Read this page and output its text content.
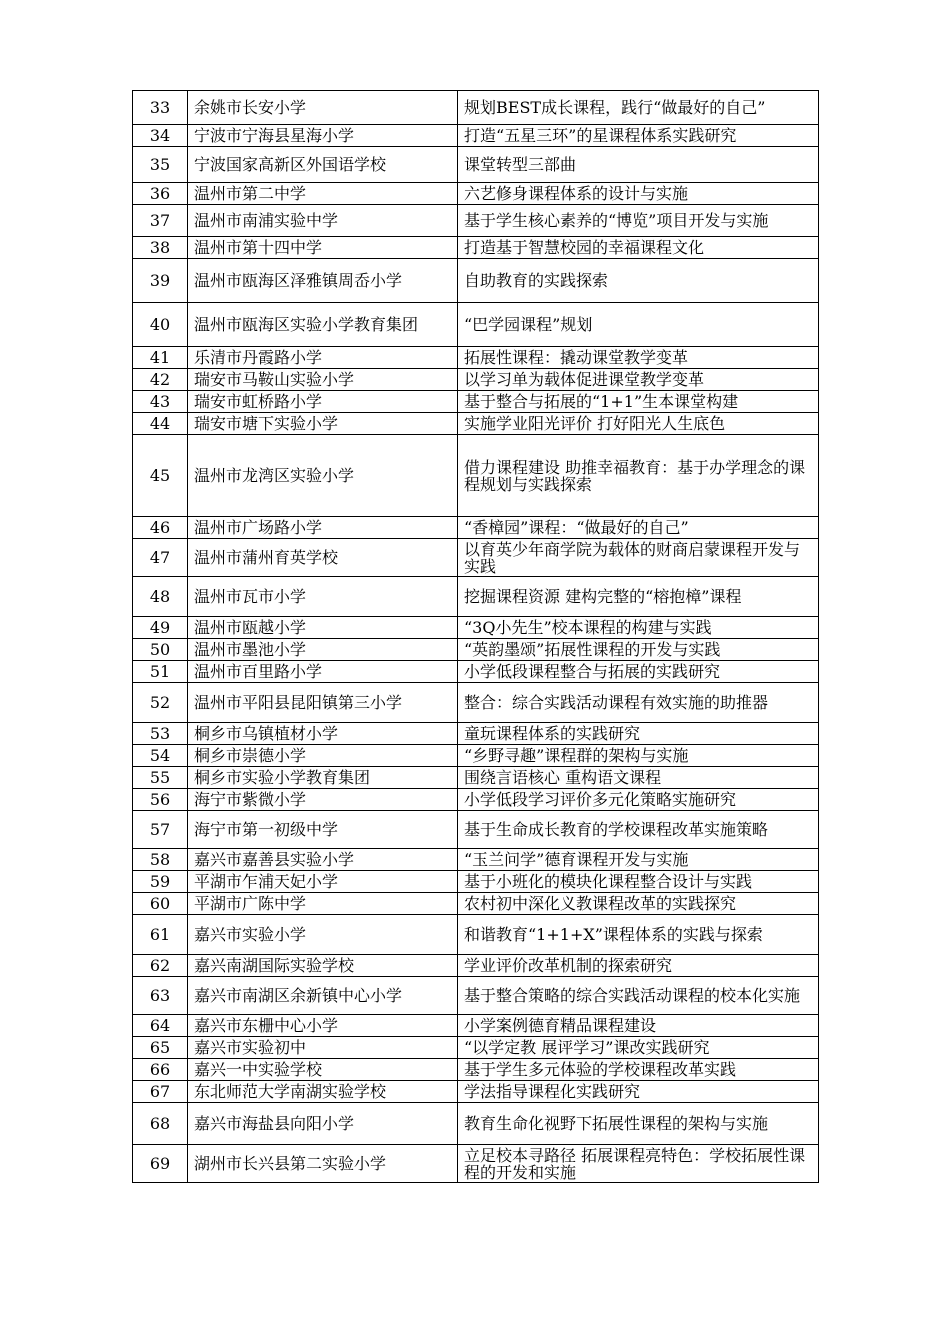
33	余姚市长安小学	规划BEST成长课程，践行“做最好的自己”
34	宁波市宁海县星海小学	打造“五星三环”的星课程体系实践研究
35	宁波国家高新区外国语学校	课堂转型三部曲
36	温州市第二中学	六艺修身课程体系的设计与实施
37	温州市南浦实验中学	基于学生核心素养的“博览”项目开发与实施
38	温州市第十四中学	打造基于智慧校园的幸福课程文化
39	温州市瓯海区泽雅镇周岙小学	自助教育的实践探索
40	温州市瓯海区实验小学教育集团	“巴学园课程”规划
41	乐清市丹霞路小学	拓展性课程：撬动课堂教学变革
42	瑞安市马鞍山实验小学	以学习单为载体促进课堂教学变革
43	瑞安市虹桥路小学	基于整合与拓展的“1+1”生本课堂构建
44	瑞安市塘下实验小学	实施学业阳光评价 打好阳光人生底色
45	温州市龙湾区实验小学	借力课程建设 助推幸福教育：基于办学理念的课程规划与实践探索
46	温州市广场路小学	“香樟园”课程：“做最好的自己”
47	温州市蒲州育英学校	以育英少年商学院为载体的财商启蒙课程开发与实践
48	温州市瓦市小学	挖掘课程资源 建构完整的“榕抱樟”课程
49	温州市瓯越小学	“3Q小先生”校本课程的构建与实践
50	温州市墨池小学	“英韵墨颂”拓展性课程的开发与实践
51	温州市百里路小学	小学低段课程整合与拓展的实践研究
52	温州市平阳县昆阳镇第三小学	整合：综合实践活动课程有效实施的助推器
53	桐乡市乌镇植材小学	童玩课程体系的实践研究
54	桐乡市崇德小学	“乡野寻趣”课程群的架构与实施
55	桐乡市实验小学教育集团	围绕言语核心 重构语文课程
56	海宁市紫微小学	小学低段学习评价多元化策略实施研究
57	海宁市第一初级中学	基于生命成长教育的学校课程改革实施策略
58	嘉兴市嘉善县实验小学	“玉兰问学”德育课程开发与实施
59	平湖市乍浦天妃小学	基于小班化的模块化课程整合设计与实践
60	平湖市广陈中学	农村初中深化义教课程改革的实践探究
61	嘉兴市实验小学	和谐教育“1+1+X”课程体系的实践与探索
62	嘉兴南湖国际实验学校	学业评价改革机制的探索研究
63	嘉兴市南湖区余新镇中心小学	基于整合策略的综合实践活动课程的校本化实施
64	嘉兴市东栅中心小学	小学案例德育精品课程建设
65	嘉兴市实验初中	“以学定教 展评学习”课改实践研究
66	嘉兴一中实验学校	基于学生多元体验的学校课程改革实践
67	东北师范大学南湖实验学校	学法指导课程化实践研究
68	嘉兴市海盐县向阳小学	教育生命化视野下拓展性课程的架构与实施
69	湖州市长兴县第二实验小学	立足校本寻路径 拓展课程亮特色：学校拓展性课程的开发和实施
